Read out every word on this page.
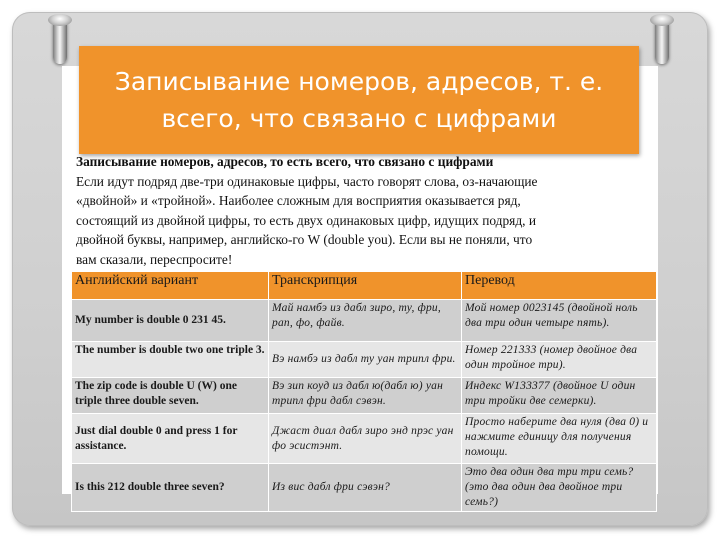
Записывание номеров, адресов, т. е. всего, что связано с цифрами

Записывание номеров, адресов, то есть всего, что связано с цифрами
Если идут подряд две-три одинаковые цифры, часто говорят слова, оз-начающие
«двойной» и «тройной». Наиболее сложным для восприятия оказывается ряд,
состоящий из двойной цифры, то есть двух одинаковых цифр, идущих подряд, и
двойной буквы, например, английско-го W (double you). Если вы не поняли, что
вам сказали, переспросите!
Английский вариант	Транскрипция	Перевод
My number is double 0 231 45.	Май намбэ из дабл зиро, ту, фри, рап, фо, файв.	Мой номер 0023145 (двойной ноль два три один четыре пять).
The number is double two one triple 3.	Вэ намбэ из дабл ту уан трипл фри.	Номер 221333 (номер двойное два один тройное три).
The zip code is double U (W) one triple three double seven.	Вэ зип коуд из дабл ю(дабл ю) уан трипл фри дабл сэвэн.	Индекс W133377 (двойное U один три тройки две семерки).
Just dial double 0 and press 1 for assistance.	Джаст диал дабл зиро энд прэс уан фо эсистэнт.	Просто наберите два нуля (два 0) и нажмите единицу для получения помощи.
Is this 212 double three seven?	Из вис дабл фри сэвэн?	Это два один два три три семь? (это два один два двойное три семь?)
